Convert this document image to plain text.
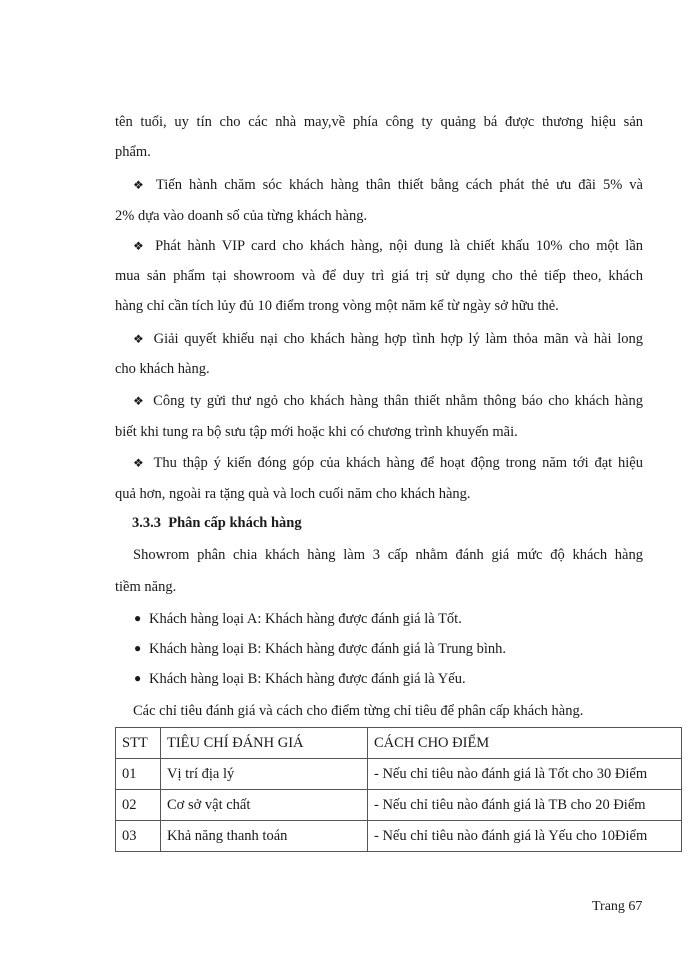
tên tuổi, uy tín cho các nhà may,về phía công ty quảng bá được thương hiệu sản
phẩm.
❖ Tiến hành chăm sóc khách hàng thân thiết bằng cách phát thẻ ưu đãi 5% và
2% dựa vào doanh số của từng khách hàng.
❖ Phát hành VIP card cho khách hàng, nội dung là chiết khấu 10% cho một lần
mua sản phẩm tại showroom và để duy trì giá trị sử dụng cho thẻ tiếp theo, khách
hàng chỉ cần tích lủy đủ 10 điểm trong vòng một năm kể từ ngày sở hữu thẻ.
❖ Giải quyết khiếu nại cho khách hàng hợp tình hợp lý làm thỏa mãn và hài long
cho khách hàng.
❖ Công ty gửi thư ngỏ cho khách hàng thân thiết nhằm thông báo cho khách hàng
biết khi tung ra bộ sưu tập mới hoặc khi có chương trình khuyến mãi.
❖ Thu thập ý kiến đóng góp của khách hàng để hoạt động trong năm tới đạt hiệu
quả hơn, ngoài ra tặng quà và loch cuối năm cho khách hàng.
3.3.3 Phân cấp khách hàng
Showrom phân chia khách hàng làm 3 cấp nhằm đánh giá mức độ khách hàng
tiềm năng.
● Khách hàng loại A: Khách hàng được đánh giá là Tốt.
● Khách hàng loại B: Khách hàng được đánh giá là Trung bình.
● Khách hàng loại B: Khách hàng được đánh giá là Yếu.
Các chỉ tiêu đánh giá và cách cho điểm từng chỉ tiêu để phân cấp khách hàng.
STT	TIÊU CHÍ ĐÁNH GIÁ	CÁCH CHO ĐIỂM
01	Vị trí địa lý	- Nếu chỉ tiêu nào đánh giá là Tốt cho 30 Điểm
02	Cơ sở vật chất	- Nếu chỉ tiêu nào đánh giá là TB cho 20 Điểm
03	Khả năng thanh toán	- Nếu chỉ tiêu nào đánh giá là Yếu cho 10Điểm
Trang 67
